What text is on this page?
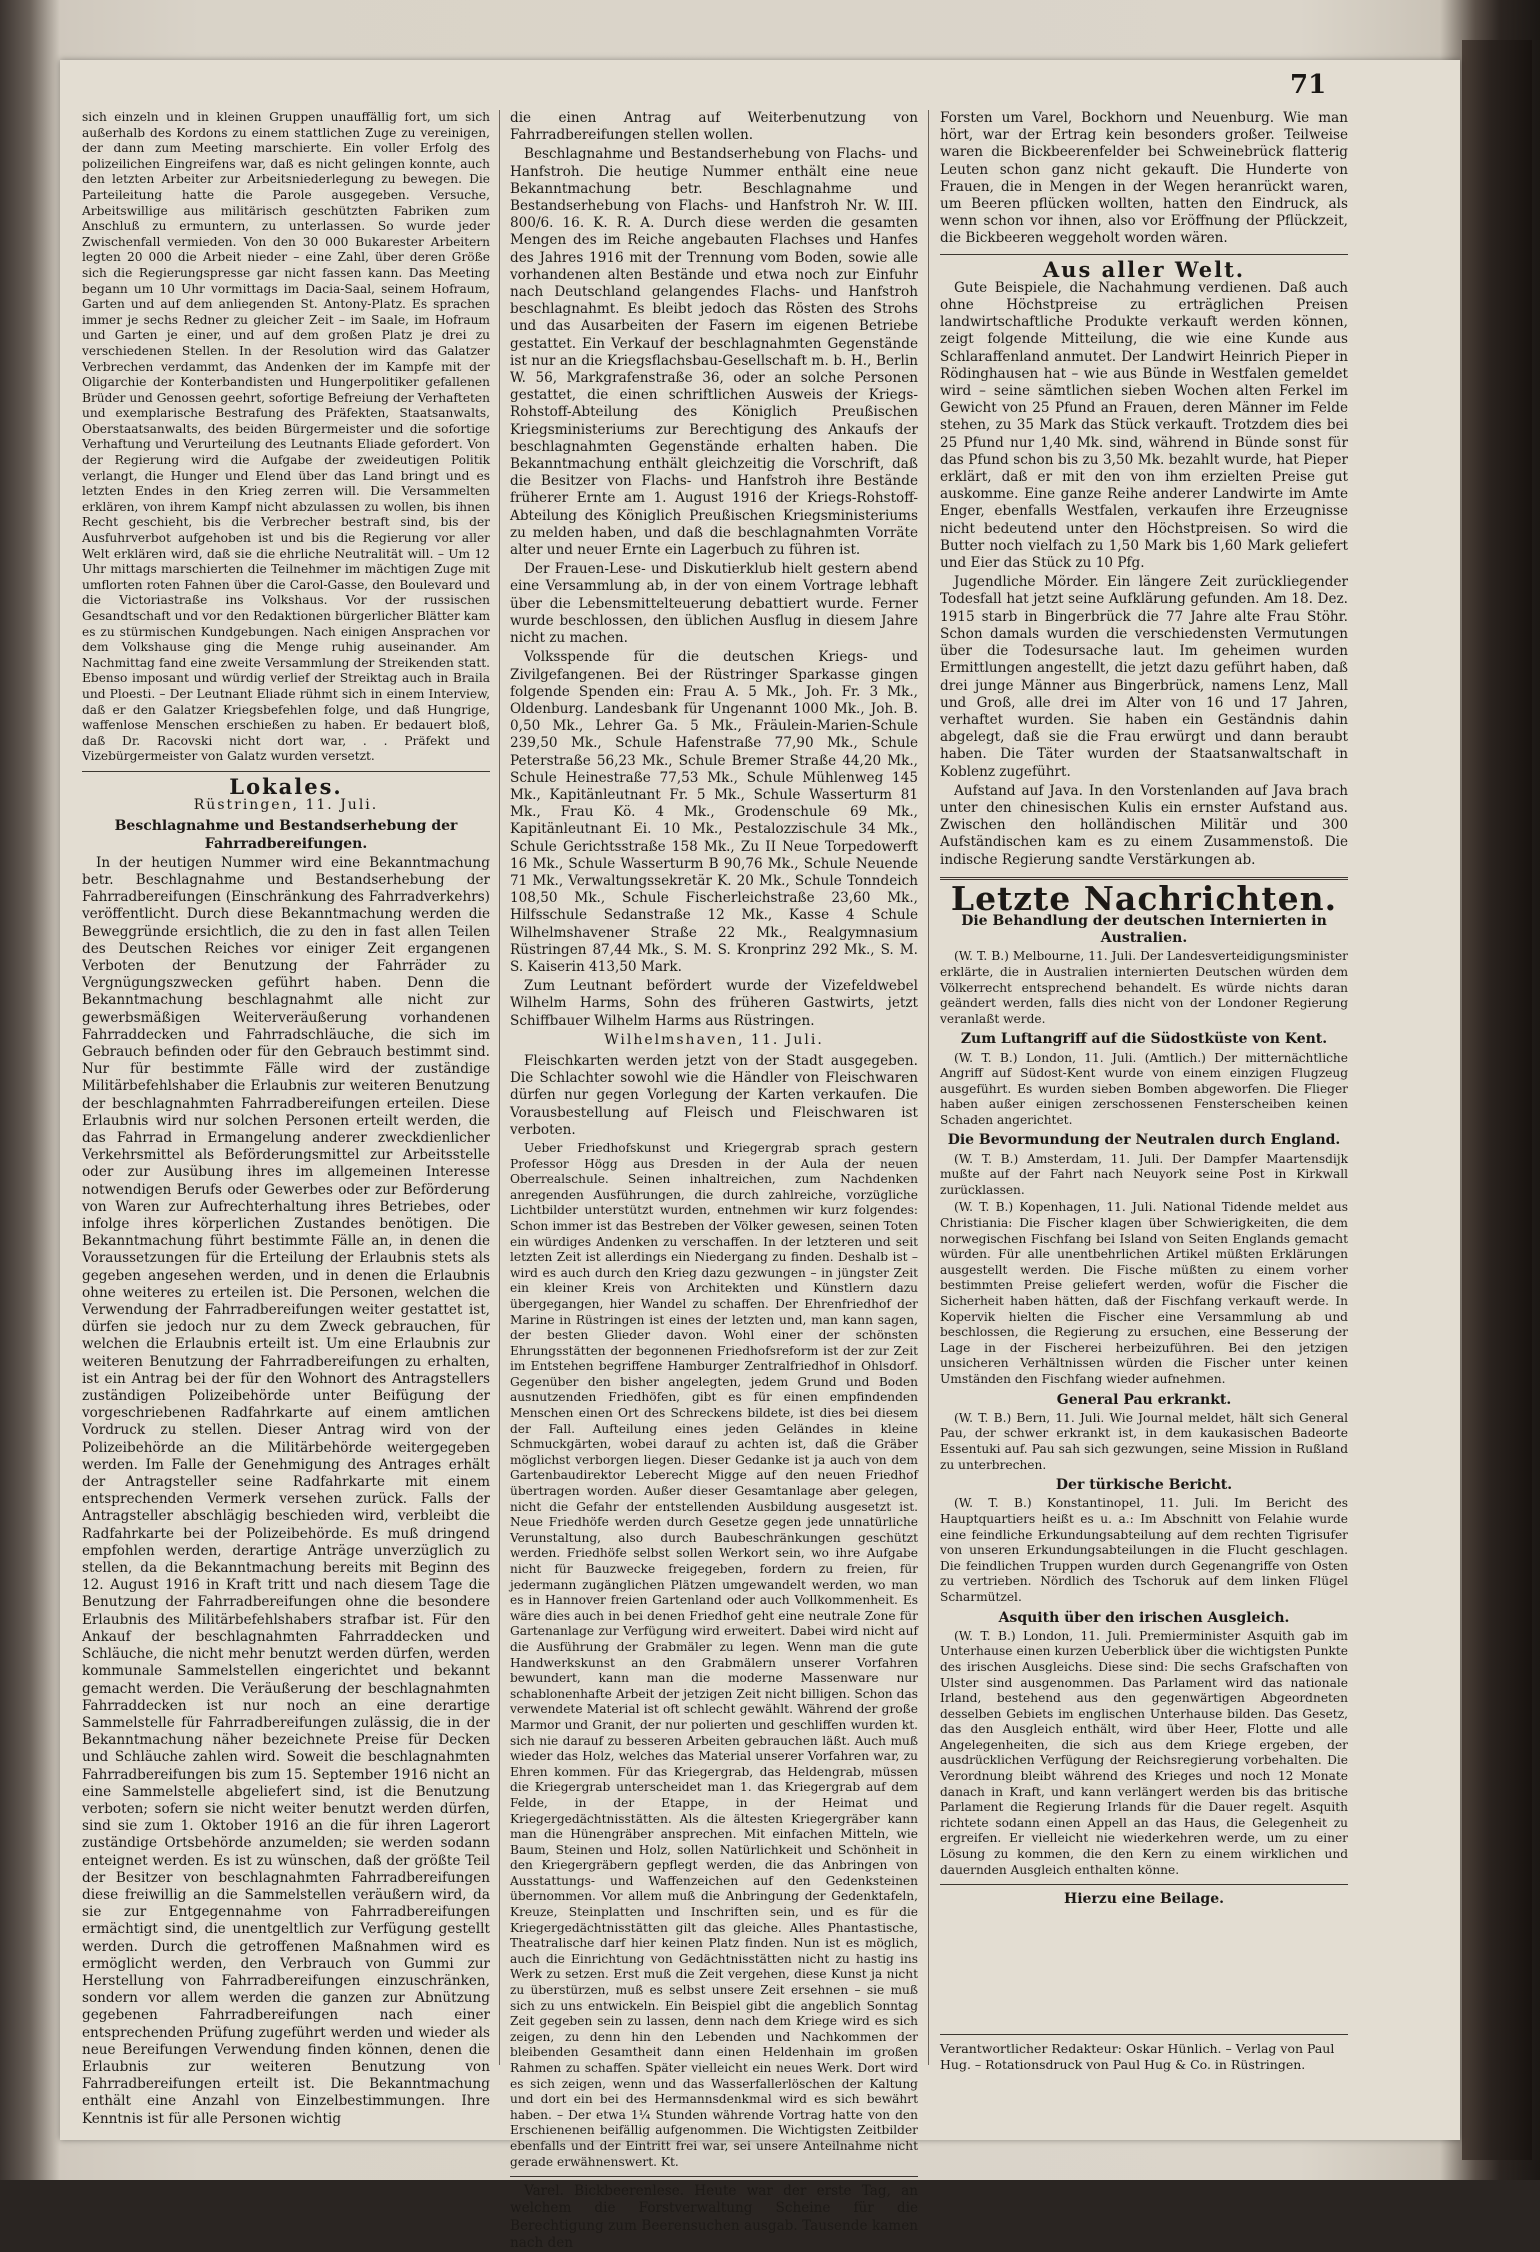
71

sich einzeln und in kleinen Gruppen unauffällig fort, um sich außerhalb des Kordons zu einem stattlichen Zuge zu vereinigen, der dann zum Meeting marschierte. Ein voller Erfolg des polizeilichen Eingreifens war, daß es nicht gelingen konnte, auch den letzten Arbeiter zur Arbeitsniederlegung zu bewegen. Die Parteileitung hatte die Parole ausgegeben. Versuche, Arbeitswillige aus militärisch geschützten Fabriken zum Anschluß zu ermuntern, zu unterlassen. So wurde jeder Zwischenfall vermieden. Von den 30 000 Bukarester Arbeitern legten 20 000 die Arbeit nieder – eine Zahl, über deren Größe sich die Regierungspresse gar nicht fassen kann. Das Meeting begann um 10 Uhr vormittags im Dacia-Saal, seinem Hofraum, Garten und auf dem anliegenden St. Antony-Platz. Es sprachen immer je sechs Redner zu gleicher Zeit – im Saale, im Hofraum und Garten je einer, und auf dem großen Platz je drei zu verschiedenen Stellen. In der Resolution wird das Galatzer Verbrechen verdammt, das Andenken der im Kampfe mit der Oligarchie der Konterbandisten und Hungerpolitiker gefallenen Brüder und Genossen geehrt, sofortige Befreiung der Verhafteten und exemplarische Bestrafung des Präfekten, Staatsanwalts, Oberstaatsanwalts, des beiden Bürgermeister und die sofortige Verhaftung und Verurteilung des Leutnants Eliade gefordert. Von der Regierung wird die Aufgabe der zweideutigen Politik verlangt, die Hunger und Elend über das Land bringt und es letzten Endes in den Krieg zerren will. Die Versammelten erklären, von ihrem Kampf nicht abzulassen zu wollen, bis ihnen Recht geschieht, bis die Verbrecher bestraft sind, bis der Ausfuhrverbot aufgehoben ist und bis die Regierung vor aller Welt erklären wird, daß sie die ehrliche Neutralität will. – Um 12 Uhr mittags marschierten die Teilnehmer im mächtigen Zuge mit umflorten roten Fahnen über die Carol-Gasse, den Boulevard und die Victoriastraße ins Volkshaus. Vor der russischen Gesandtschaft und vor den Redaktionen bürgerlicher Blätter kam es zu stürmischen Kundgebungen. Nach einigen Ansprachen vor dem Volkshause ging die Menge ruhig auseinander. Am Nachmittag fand eine zweite Versammlung der Streikenden statt. Ebenso imposant und würdig verlief der Streiktag auch in Braila und Ploesti. – Der Leutnant Eliade rühmt sich in einem Interview, daß er den Galatzer Kriegsbefehlen folge, und daß Hungrige, waffenlose Menschen erschießen zu haben. Er bedauert bloß, daß Dr. Racovski nicht dort war, . . Präfekt und Vizebürgermeister von Galatz wurden versetzt.

Lokales.
Rüstringen, 11. Juli.
Beschlagnahme und Bestandserhebung der Fahrradbereifungen.

In der heutigen Nummer wird eine Bekanntmachung betr. Beschlagnahme und Bestandserhebung der Fahrradbereifungen (Einschränkung des Fahrradverkehrs) veröffentlicht. Durch diese Bekanntmachung werden die Beweggründe ersichtlich, die zu den in fast allen Teilen des Deutschen Reiches vor einiger Zeit ergangenen Verboten der Benutzung der Fahrräder zu Vergnügungszwecken geführt haben. Denn die Bekanntmachung beschlagnahmt alle nicht zur gewerbsmäßigen Weiterveräußerung vorhandenen Fahrraddecken und Fahrradschläuche, die sich im Gebrauch befinden oder für den Gebrauch bestimmt sind. Nur für bestimmte Fälle wird der zuständige Militärbefehlshaber die Erlaubnis zur weiteren Benutzung der beschlagnahmten Fahrradbereifungen erteilen. Diese Erlaubnis wird nur solchen Personen erteilt werden, die das Fahrrad in Ermangelung anderer zweckdienlicher Verkehrsmittel als Beförderungsmittel zur Arbeitsstelle oder zur Ausübung ihres im allgemeinen Interesse notwendigen Berufs oder Gewerbes oder zur Beförderung von Waren zur Aufrechterhaltung ihres Betriebes, oder infolge ihres körperlichen Zustandes benötigen. Die Bekanntmachung führt bestimmte Fälle an, in denen die Voraussetzungen für die Erteilung der Erlaubnis stets als gegeben angesehen werden, und in denen die Erlaubnis ohne weiteres zu erteilen ist. Die Personen, welchen die Verwendung der Fahrradbereifungen weiter gestattet ist, dürfen sie jedoch nur zu dem Zweck gebrauchen, für welchen die Erlaubnis erteilt ist. Um eine Erlaubnis zur weiteren Benutzung der Fahrradbereifungen zu erhalten, ist ein Antrag bei der für den Wohnort des Antragstellers zuständigen Polizeibehörde unter Beifügung der vorgeschriebenen Radfahrkarte auf einem amtlichen Vordruck zu stellen. Dieser Antrag wird von der Polizeibehörde an die Militärbehörde weitergegeben werden. Im Falle der Genehmigung des Antrages erhält der Antragsteller seine Radfahrkarte mit einem entsprechenden Vermerk versehen zurück. Falls der Antragsteller abschlägig beschieden wird, verbleibt die Radfahrkarte bei der Polizeibehörde. Es muß dringend empfohlen werden, derartige Anträge unverzüglich zu stellen, da die Bekanntmachung bereits mit Beginn des 12. August 1916 in Kraft tritt und nach diesem Tage die Benutzung der Fahrradbereifungen ohne die besondere Erlaubnis des Militärbefehlshabers strafbar ist. Für den Ankauf der beschlagnahmten Fahrraddecken und Schläuche, die nicht mehr benutzt werden dürfen, werden kommunale Sammelstellen eingerichtet und bekannt gemacht werden. Die Veräußerung der beschlagnahmten Fahrraddecken ist nur noch an eine derartige Sammelstelle für Fahrradbereifungen zulässig, die in der Bekanntmachung näher bezeichnete Preise für Decken und Schläuche zahlen wird. Soweit die beschlagnahmten Fahrradbereifungen bis zum 15. September 1916 nicht an eine Sammelstelle abgeliefert sind, ist die Benutzung verboten; sofern sie nicht weiter benutzt werden dürfen, sind sie zum 1. Oktober 1916 an die für ihren Lagerort zuständige Ortsbehörde anzumelden; sie werden sodann enteignet werden. Es ist zu wünschen, daß der größte Teil der Besitzer von beschlagnahmten Fahrradbereifungen diese freiwillig an die Sammelstellen veräußern wird, da sie zur Entgegennahme von Fahrradbereifungen ermächtigt sind, die unentgeltlich zur Verfügung gestellt werden. Durch die getroffenen Maßnahmen wird es ermöglicht werden, den Verbrauch von Gummi zur Herstellung von Fahrradbereifungen einzuschränken, sondern vor allem werden die ganzen zur Abnützung gegebenen Fahrradbereifungen nach einer entsprechenden Prüfung zugeführt werden und wieder als neue Bereifungen Verwendung finden können, denen die Erlaubnis zur weiteren Benutzung von Fahrradbereifungen erteilt ist. Die Bekanntmachung enthält eine Anzahl von Einzelbestimmungen. Ihre Kenntnis ist für alle Personen wichtig

die einen Antrag auf Weiterbenutzung von Fahrradbereifungen stellen wollen.

Beschlagnahme und Bestandserhebung von Flachs- und Hanfstroh. Die heutige Nummer enthält eine neue Bekanntmachung betr. Beschlagnahme und Bestandserhebung von Flachs- und Hanfstroh Nr. W. III. 800/6. 16. K. R. A. Durch diese werden die gesamten Mengen des im Reiche angebauten Flachses und Hanfes des Jahres 1916 mit der Trennung vom Boden, sowie alle vorhandenen alten Bestände und etwa noch zur Einfuhr nach Deutschland gelangendes Flachs- und Hanfstroh beschlagnahmt. Es bleibt jedoch das Rösten des Strohs und das Ausarbeiten der Fasern im eigenen Betriebe gestattet. Ein Verkauf der beschlagnahmten Gegenstände ist nur an die Kriegsflachsbau-Gesellschaft m. b. H., Berlin W. 56, Markgrafenstraße 36, oder an solche Personen gestattet, die einen schriftlichen Ausweis der Kriegs-Rohstoff-Abteilung des Königlich Preußischen Kriegsministeriums zur Berechtigung des Ankaufs der beschlagnahmten Gegenstände erhalten haben. Die Bekanntmachung enthält gleichzeitig die Vorschrift, daß die Besitzer von Flachs- und Hanfstroh ihre Bestände früherer Ernte am 1. August 1916 der Kriegs-Rohstoff-Abteilung des Königlich Preußischen Kriegsministeriums zu melden haben, und daß die beschlagnahmten Vorräte alter und neuer Ernte ein Lagerbuch zu führen ist.

Der Frauen-Lese- und Diskutierklub hielt gestern abend eine Versammlung ab, in der von einem Vortrage lebhaft über die Lebensmittelteuerung debattiert wurde. Ferner wurde beschlossen, den üblichen Ausflug in diesem Jahre nicht zu machen.

Volksspende für die deutschen Kriegs- und Zivilgefangenen. Bei der Rüstringer Sparkasse gingen folgende Spenden ein: Frau A. 5 Mk., Joh. Fr. 3 Mk., Oldenburg. Landesbank für Ungenannt 1000 Mk., Joh. B. 0,50 Mk., Lehrer Ga. 5 Mk., Fräulein-Marien-Schule 239,50 Mk., Schule Hafenstraße 77,90 Mk., Schule Peterstraße 56,23 Mk., Schule Bremer Straße 44,20 Mk., Schule Heinestraße 77,53 Mk., Schule Mühlenweg 145 Mk., Kapitänleutnant Fr. 5 Mk., Schule Wasserturm 81 Mk., Frau Kö. 4 Mk., Grodenschule 69 Mk., Kapitänleutnant Ei. 10 Mk., Pestalozzischule 34 Mk., Schule Gerichtsstraße 158 Mk., Zu II Neue Torpedowerft 16 Mk., Schule Wasserturm B 90,76 Mk., Schule Neuende 71 Mk., Verwaltungssekretär K. 20 Mk., Schule Tonndeich 108,50 Mk., Schule Fischerleichstraße 23,60 Mk., Hilfsschule Sedanstraße 12 Mk., Kasse 4 Schule Wilhelmshavener Straße 22 Mk., Realgymnasium Rüstringen 87,44 Mk., S. M. S. Kronprinz 292 Mk., S. M. S. Kaiserin 413,50 Mark.

Zum Leutnant befördert wurde der Vizefeldwebel Wilhelm Harms, Sohn des früheren Gastwirts, jetzt Schiffbauer Wilhelm Harms aus Rüstringen.

Wilhelmshaven, 11. Juli.

Fleischkarten werden jetzt von der Stadt ausgegeben. Die Schlachter sowohl wie die Händler von Fleischwaren dürfen nur gegen Vorlegung der Karten verkaufen. Die Vorausbestellung auf Fleisch und Fleischwaren ist verboten.

Ueber Friedhofskunst und Kriegergrab sprach gestern Professor Högg aus Dresden in der Aula der neuen Oberrealschule. Seinen inhaltreichen, zum Nachdenken anregenden Ausführungen, die durch zahlreiche, vorzügliche Lichtbilder unterstützt wurden, entnehmen wir kurz folgendes: Schon immer ist das Bestreben der Völker gewesen, seinen Toten ein würdiges Andenken zu verschaffen. In der letzteren und seit letzten Zeit ist allerdings ein Niedergang zu finden. Deshalb ist – wird es auch durch den Krieg dazu gezwungen – in jüngster Zeit ein kleiner Kreis von Architekten und Künstlern dazu übergegangen, hier Wandel zu schaffen. Der Ehrenfriedhof der Marine in Rüstringen ist eines der letzten und, man kann sagen, der besten Glieder davon. Wohl einer der schönsten Ehrungsstätten der begonnenen Friedhofsreform ist der zur Zeit im Entstehen begriffene Hamburger Zentralfriedhof in Ohlsdorf. Gegenüber den bisher angelegten, jedem Grund und Boden ausnutzenden Friedhöfen, gibt es für einen empfindenden Menschen einen Ort des Schreckens bildete, ist dies bei diesem der Fall. Aufteilung eines jeden Geländes in kleine Schmuckgärten, wobei darauf zu achten ist, daß die Gräber möglichst verborgen liegen. Dieser Gedanke ist ja auch von dem Gartenbaudirektor Leberecht Migge auf den neuen Friedhof übertragen worden. Außer dieser Gesamtanlage aber gelegen, nicht die Gefahr der entstellenden Ausbildung ausgesetzt ist. Neue Friedhöfe werden durch Gesetze gegen jede unnatürliche Verunstaltung, also durch Baubeschränkungen geschützt werden. Friedhöfe selbst sollen Werkort sein, wo ihre Aufgabe nicht für Bauzwecke freigegeben, fordern zu freien, für jedermann zugänglichen Plätzen umgewandelt werden, wo man es in Hannover freien Gartenland oder auch Vollkommenheit. Es wäre dies auch in bei denen Friedhof geht eine neutrale Zone für Gartenanlage zur Verfügung wird erweitert. Dabei wird nicht auf die Ausführung der Grabmäler zu legen. Wenn man die gute Handwerkskunst an den Grabmälern unserer Vorfahren bewundert, kann man die moderne Massenware nur schablonenhafte Arbeit der jetzigen Zeit nicht billigen. Schon das verwendete Material ist oft schlecht gewählt. Während der große Marmor und Granit, der nur polierten und geschliffen wurden kt. sich nie darauf zu besseren Arbeiten gebrauchen läßt. Auch muß wieder das Holz, welches das Material unserer Vorfahren war, zu Ehren kommen. Für das Kriegergrab, das Heldengrab, müssen die Kriegergrab unterscheidet man 1. das Kriegergrab auf dem Felde, in der Etappe, in der Heimat und Kriegergedächtnisstätten. Als die ältesten Kriegergräber kann man die Hünengräber ansprechen. Mit einfachen Mitteln, wie Baum, Steinen und Holz, sollen Natürlichkeit und Schönheit in den Kriegergräbern gepflegt werden, die das Anbringen von Ausstattungs- und Waffenzeichen auf den Gedenksteinen übernommen. Vor allem muß die Anbringung der Gedenktafeln, Kreuze, Steinplatten und Inschriften sein, und es für die Kriegergedächtnisstätten gilt das gleiche. Alles Phantastische, Theatralische darf hier keinen Platz finden. Nun ist es möglich, auch die Einrichtung von Gedächtnisstätten nicht zu hastig ins Werk zu setzen. Erst muß die Zeit vergehen, diese Kunst ja nicht zu überstürzen, muß es selbst unsere Zeit ersehnen – sie muß sich zu uns entwickeln. Ein Beispiel gibt die angeblich Sonntag Zeit gegeben sein zu lassen, denn nach dem Kriege wird es sich zeigen, zu denn hin den Lebenden und Nachkommen der bleibenden Gesamtheit dann einen Heldenhain im großen Rahmen zu schaffen. Später vielleicht ein neues Werk. Dort wird es sich zeigen, wenn und das Wasserfallerlöschen der Kaltung und dort ein bei des Hermannsdenkmal wird es sich bewährt haben. – Der etwa 1¼ Stunden währende Vortrag hatte von den Erschienenen beifällig aufgenommen. Die Wichtigsten Zeitbilder ebenfalls und der Eintritt frei war, sei unsere Anteilnahme nicht gerade erwähnenswert. Kt.

Varel. Bickbeerenlese. Heute war der erste Tag, an welchem die Forstverwaltung Scheine für die Berechtigung zum Beerensuchen ausgab. Tausende kamen nach den

Forsten um Varel, Bockhorn und Neuenburg. Wie man hört, war der Ertrag kein besonders großer. Teilweise waren die Bickbeerenfelder bei Schweinebrück flatterig Leuten schon ganz nicht gekauft. Die Hunderte von Frauen, die in Mengen in der Wegen heranrückt waren, um Beeren pflücken wollten, hatten den Eindruck, als wenn schon vor ihnen, also vor Eröffnung der Pflückzeit, die Bickbeeren weggeholt worden wären.

Aus aller Welt.

Gute Beispiele, die Nachahmung verdienen. Daß auch ohne Höchstpreise zu erträglichen Preisen landwirtschaftliche Produkte verkauft werden können, zeigt folgende Mitteilung, die wie eine Kunde aus Schlaraffenland anmutet. Der Landwirt Heinrich Pieper in Rödinghausen hat – wie aus Bünde in Westfalen gemeldet wird – seine sämtlichen sieben Wochen alten Ferkel im Gewicht von 25 Pfund an Frauen, deren Männer im Felde stehen, zu 35 Mark das Stück verkauft. Trotzdem dies bei 25 Pfund nur 1,40 Mk. sind, während in Bünde sonst für das Pfund schon bis zu 3,50 Mk. bezahlt wurde, hat Pieper erklärt, daß er mit den von ihm erzielten Preise gut auskomme. Eine ganze Reihe anderer Landwirte im Amte Enger, ebenfalls Westfalen, verkaufen ihre Erzeugnisse nicht bedeutend unter den Höchstpreisen. So wird die Butter noch vielfach zu 1,50 Mark bis 1,60 Mark geliefert und Eier das Stück zu 10 Pfg.

Jugendliche Mörder. Ein längere Zeit zurückliegender Todesfall hat jetzt seine Aufklärung gefunden. Am 18. Dez. 1915 starb in Bingerbrück die 77 Jahre alte Frau Stöhr. Schon damals wurden die verschiedensten Vermutungen über die Todesursache laut. Im geheimen wurden Ermittlungen angestellt, die jetzt dazu geführt haben, daß drei junge Männer aus Bingerbrück, namens Lenz, Mall und Groß, alle drei im Alter von 16 und 17 Jahren, verhaftet wurden. Sie haben ein Geständnis dahin abgelegt, daß sie die Frau erwürgt und dann beraubt haben. Die Täter wurden der Staatsanwaltschaft in Koblenz zugeführt.

Aufstand auf Java. In den Vorstenlanden auf Java brach unter den chinesischen Kulis ein ernster Aufstand aus. Zwischen den holländischen Militär und 300 Aufständischen kam es zu einem Zusammenstoß. Die indische Regierung sandte Verstärkungen ab.

Letzte Nachrichten.
Die Behandlung der deutschen Internierten in Australien.

(W. T. B.) Melbourne, 11. Juli. Der Landesverteidigungsminister erklärte, die in Australien internierten Deutschen würden dem Völkerrecht entsprechend behandelt. Es würde nichts daran geändert werden, falls dies nicht von der Londoner Regierung veranlaßt werde.

Zum Luftangriff auf die Südostküste von Kent.

(W. T. B.) London, 11. Juli. (Amtlich.) Der mitternächtliche Angriff auf Südost-Kent wurde von einem einzigen Flugzeug ausgeführt. Es wurden sieben Bomben abgeworfen. Die Flieger haben außer einigen zerschossenen Fensterscheiben keinen Schaden angerichtet.

Die Bevormundung der Neutralen durch England.

(W. T. B.) Amsterdam, 11. Juli. Der Dampfer Maartensdijk mußte auf der Fahrt nach Neuyork seine Post in Kirkwall zurücklassen.

(W. T. B.) Kopenhagen, 11. Juli. National Tidende meldet aus Christiania: Die Fischer klagen über Schwierigkeiten, die dem norwegischen Fischfang bei Island von Seiten Englands gemacht würden. Für alle unentbehrlichen Artikel müßten Erklärungen ausgestellt werden. Die Fische müßten zu einem vorher bestimmten Preise geliefert werden, wofür die Fischer die Sicherheit haben hätten, daß der Fischfang verkauft werde. In Kopervik hielten die Fischer eine Versammlung ab und beschlossen, die Regierung zu ersuchen, eine Besserung der Lage in der Fischerei herbeizuführen. Bei den jetzigen unsicheren Verhältnissen würden die Fischer unter keinen Umständen den Fischfang wieder aufnehmen.

General Pau erkrankt.

(W. T. B.) Bern, 11. Juli. Wie Journal meldet, hält sich General Pau, der schwer erkrankt ist, in dem kaukasischen Badeorte Essentuki auf. Pau sah sich gezwungen, seine Mission in Rußland zu unterbrechen.

Der türkische Bericht.

(W. T. B.) Konstantinopel, 11. Juli. Im Bericht des Hauptquartiers heißt es u. a.: Im Abschnitt von Felahie wurde eine feindliche Erkundungsabteilung auf dem rechten Tigrisufer von unseren Erkundungsabteilungen in die Flucht geschlagen. Die feindlichen Truppen wurden durch Gegenangriffe von Osten zu vertrieben. Nördlich des Tschoruk auf dem linken Flügel Scharmützel.

Asquith über den irischen Ausgleich.

(W. T. B.) London, 11. Juli. Premierminister Asquith gab im Unterhause einen kurzen Ueberblick über die wichtigsten Punkte des irischen Ausgleichs. Diese sind: Die sechs Grafschaften von Ulster sind ausgenommen. Das Parlament wird das nationale Irland, bestehend aus den gegenwärtigen Abgeordneten desselben Gebiets im englischen Unterhause bilden. Das Gesetz, das den Ausgleich enthält, wird über Heer, Flotte und alle Angelegenheiten, die sich aus dem Kriege ergeben, der ausdrücklichen Verfügung der Reichsregierung vorbehalten. Die Verordnung bleibt während des Krieges und noch 12 Monate danach in Kraft, und kann verlängert werden bis das britische Parlament die Regierung Irlands für die Dauer regelt. Asquith richtete sodann einen Appell an das Haus, die Gelegenheit zu ergreifen. Er vielleicht nie wiederkehren werde, um zu einer Lösung zu kommen, die den Kern zu einem wirklichen und dauernden Ausgleich enthalten könne.

Hierzu eine Beilage.
Verantwortlicher Redakteur: Oskar Hünlich. – Verlag von Paul Hug. – Rotationsdruck von Paul Hug & Co. in Rüstringen.
